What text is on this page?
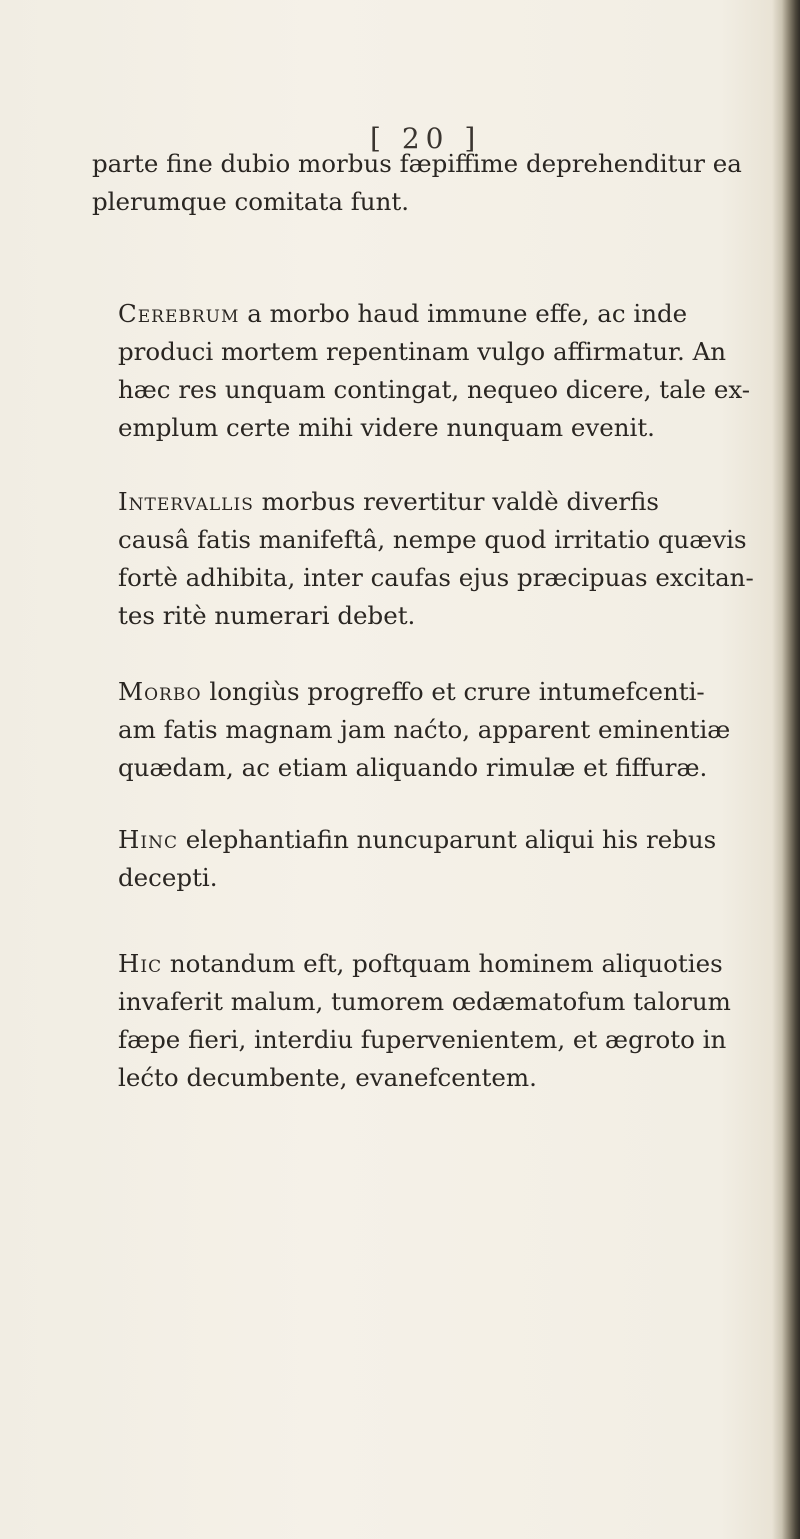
[ 20 ]

parte fine dubio morbus fæpiffime deprehenditur ea
plerumque comitata funt.

Cerebrum a morbo haud immune effe, ac inde
produci mortem repentinam vulgo affirmatur. An
hæc res unquam contingat, nequeo dicere, tale ex-
emplum certe mihi videre nunquam evenit.

Intervallis morbus revertitur valdè diverfis
causâ fatis manifeftâ, nempe quod irritatio quævis
fortè adhibita, inter caufas ejus præcipuas excitan-
tes ritè numerari debet.

Morbo longiùs progreffo et crure intumefcenti-
am fatis magnam jam naćto, apparent eminentiæ
quædam, ac etiam aliquando rimulæ et fiffuræ.

Hinc elephantiafin nuncuparunt aliqui his rebus
decepti.

Hic notandum eft, poftquam hominem aliquoties
invaferit malum, tumorem œdæmatofum talorum
fæpe fieri, interdiu fupervenientem, et ægroto in
lećto decumbente, evanefcentem.
